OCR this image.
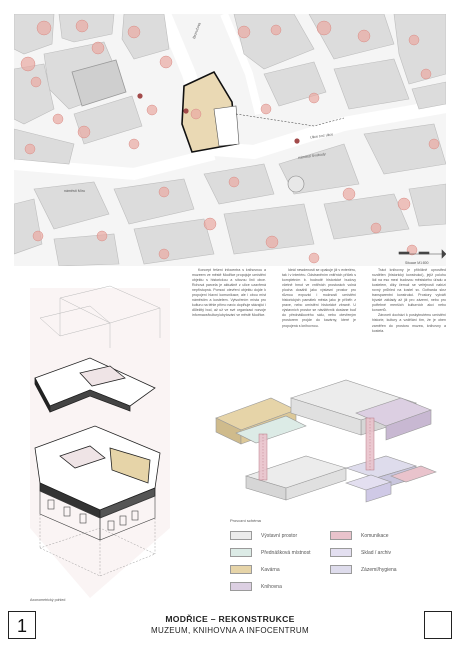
Bezručova
Ulice tvrz ulice
náměstí Svobody
náměstí Míru
Situace M1:800

Koncept řešení infocentra s knihovnou a muzeem ve městě Modřice propojuje umístění objektu s historickou a sítovou linií obce. Rohová parcela je aktuálně z ulice uzavřená nepřístupná. Pomocí otevření objektu dojde k propojení hlavní komunikace, ale i obou míst náměstím a kostelem. Vytvořením místa pro kulturu na téhle přímo navíc doplňuje stávající i důležitý bod, až už ve své organizaci rozvoje informace/kultury/ubytování ve městě Modřice.

Ideál newdenosti se opakuje již v exteriéru, tak i v interiéru. Odstraněním vnitřních příček s kompletním b. hodnotě historické budovy včetně hmot ve vnitřních prostorách volná plocha dosáhli jako výstavní prostor pro různou expozici i možnosti umístění historických památek města jako je příběh z praxe, nebo umístění historické zbraně. U výstavních prostor se návštěvník dostane buď do přednáškového sálu, nebo otevřeným prostorem projde do kavárny, které je propojená s knihovnou.

Tráct knihovny je příbližně uprostřed rozdělen (historický konstrukcí), jejíž polohu lidí na eso mezi budovou městského úřadu a kostelem, díky čemuž se veřejnosti nabízí rovný průhled na kostel sv. Gotharda skrz transparentní konstrukci. Prostory vytváří bývalé základy až již pro zázemí, nebo pro potřebné menších kulturních akcí nebo koncertů.

Zároveň dochází k poskytnutému umístění historie, kultury a vzdělání tím, že je oben zaměřen do prostoru muzea, knihovny a kostela.

Axonometrický pohled
Provozní schéma
Výstavní prostor
Přednášková místnost
Kavárna
Knihovna
Komunikace
Sklad / archiv
Zázemí/hygiena
1	MODŘICE – REKONSTRUKCE
MUZEUM, KNIHOVNA A INFOCENTRUM
